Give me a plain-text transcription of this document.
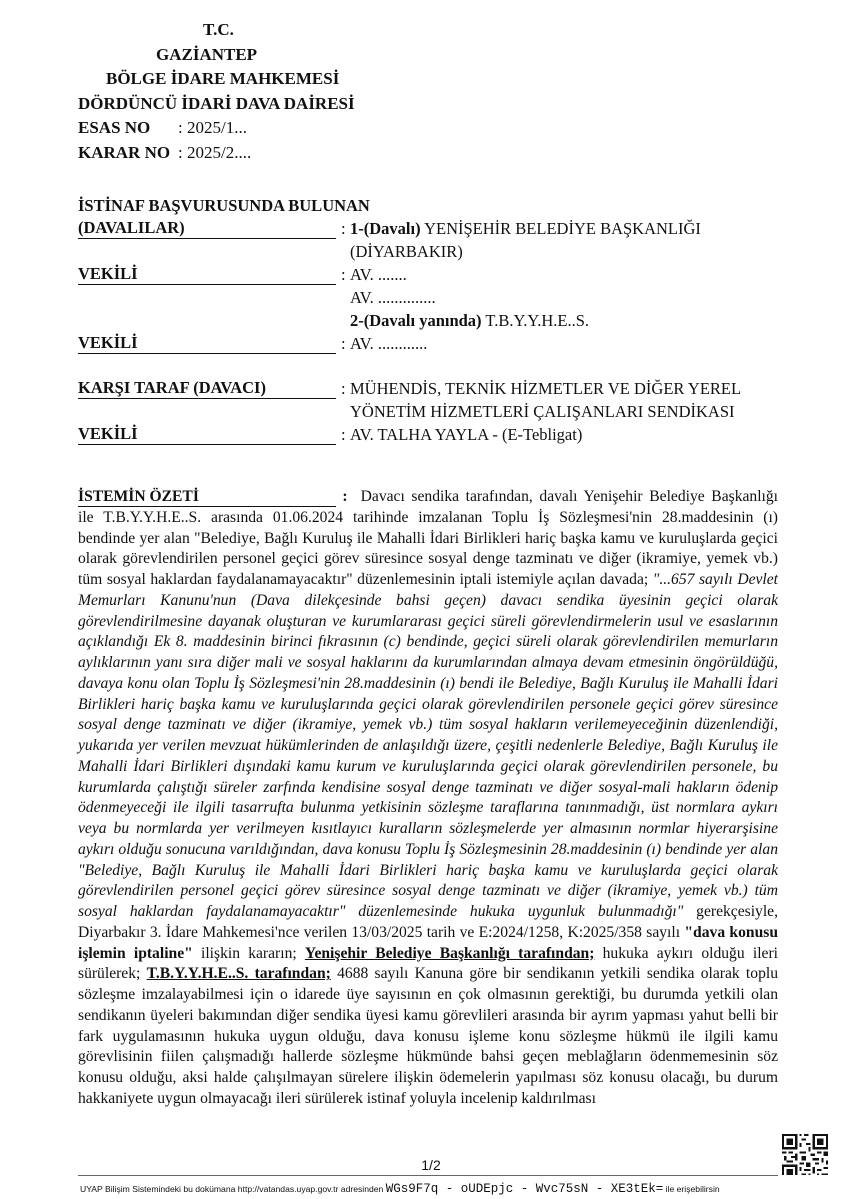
T.C.
GAZİANTEP
BÖLGE İDARE MAHKEMESİ
DÖRDÜNCÜ İDARİ DAVA DAİRESİ
ESAS NO : 2025/1...
KARAR NO : 2025/2....
İSTİNAF BAŞVURUSUNDA BULUNAN
(DAVALILAR)	: 1-(Davalı) YENİŞEHİR BELEDİYE BAŞKANLIĞI
(DİYARBAKIR)
VEKİLİ	: AV. .......
AV. ..............
2-(Davalı yanında) T.B.Y.Y.H.E..S.
VEKİLİ	: AV. ............
KARŞI TARAF (DAVACI)	: MÜHENDİS, TEKNİK HİZMETLER VE DİĞER YEREL
YÖNETİM HİZMETLERİ ÇALIŞANLARI SENDİKASI
VEKİLİ	: AV. TALHA YAYLA - (E-Tebligat)

İSTEMİN ÖZETİ	: Davacı sendika tarafından, davalı Yenişehir Belediye Başkanlığı ile T.B.Y.Y.H.E..S. arasında 01.06.2024 tarihinde imzalanan Toplu İş Sözleşmesi'nin 28.maddesinin (ı) bendinde yer alan "Belediye, Bağlı Kuruluş ile Mahalli İdari Birlikleri hariç başka kamu ve kuruluşlarda geçici olarak görevlendirilen personel geçici görev süresince sosyal denge tazminatı ve diğer (ikramiye, yemek vb.) tüm sosyal haklardan faydalanamayacaktır" düzenlemesinin iptali istemiyle açılan davada; "...657 sayılı Devlet Memurları Kanunu'nun (Dava dilekçesinde bahsi geçen) davacı sendika üyesinin geçici olarak görevlendirilmesine dayanak oluşturan ve kurumlararası geçici süreli görevlendirmelerin usul ve esaslarının açıklandığı Ek 8. maddesinin birinci fıkrasının (c) bendinde, geçici süreli olarak görevlendirilen memurların aylıklarının yanı sıra diğer mali ve sosyal haklarını da kurumlarından almaya devam etmesinin öngörüldüğü, davaya konu olan Toplu İş Sözleşmesi'nin 28.maddesinin (ı) bendi ile Belediye, Bağlı Kuruluş ile Mahalli İdari Birlikleri hariç başka kamu ve kuruluşlarında geçici olarak görevlendirilen personele geçici görev süresince sosyal denge tazminatı ve diğer (ikramiye, yemek vb.) tüm sosyal hakların verilemeyeceğinin düzenlendiği, yukarıda yer verilen mevzuat hükümlerinden de anlaşıldığı üzere, çeşitli nedenlerle Belediye, Bağlı Kuruluş ile Mahalli İdari Birlikleri dışındaki kamu kurum ve kuruluşlarında geçici olarak görevlendirilen personele, bu kurumlarda çalıştığı süreler zarfında kendisine sosyal denge tazminatı ve diğer sosyal-mali hakların ödenip ödenmeyeceği ile ilgili tasarrufta bulunma yetkisinin sözleşme taraflarına tanınmadığı, üst normlara aykırı veya bu normlarda yer verilmeyen kısıtlayıcı kuralların sözleşmelerde yer almasının normlar hiyerarşisine aykırı olduğu sonucuna varıldığından, dava konusu Toplu İş Sözleşmesinin 28.maddesinin (ı) bendinde yer alan "Belediye, Bağlı Kuruluş ile Mahalli İdari Birlikleri hariç başka kamu ve kuruluşlarda geçici olarak görevlendirilen personel geçici görev süresince sosyal denge tazminatı ve diğer (ikramiye, yemek vb.) tüm sosyal haklardan faydalanamayacaktır" düzenlemesinde hukuka uygunluk bulunmadığı" gerekçesiyle, Diyarbakır 3. İdare Mahkemesi'nce verilen 13/03/2025 tarih ve E:2024/1258, K:2025/358 sayılı "dava konusu işlemin iptaline" ilişkin kararın; Yenişehir Belediye Başkanlığı tarafından; hukuka aykırı olduğu ileri sürülerek; T.B.Y.Y.H.E..S. tarafından; 4688 sayılı Kanuna göre bir sendikanın yetkili sendika olarak toplu sözleşme imzalayabilmesi için o idarede üye sayısının en çok olmasının gerektiği, bu durumda yetkili olan sendikanın üyeleri bakımından diğer sendika üyesi kamu görevlileri arasında bir ayrım yapması yahut belli bir fark uygulamasının hukuka uygun olduğu, dava konusu işleme konu sözleşme hükmü ile ilgili kamu görevlisinin fiilen çalışmadığı hallerde sözleşme hükmünde bahsi geçen meblağların ödenmemesinin söz konusu olduğu, aksi halde çalışılmayan sürelere ilişkin ödemelerin yapılması söz konusu olacağı, bu durum hakkaniyete uygun olmayacağı ileri sürülerek istinaf yoluyla incelenip kaldırılması

1/2
UYAP Bilişim Sistemindeki bu dokümana http://vatandas.uyap.gov.tr adresinden WGs9F7q - oUDEpjc - Wvc75sN - XE3tEk= ile erişebilirsin
